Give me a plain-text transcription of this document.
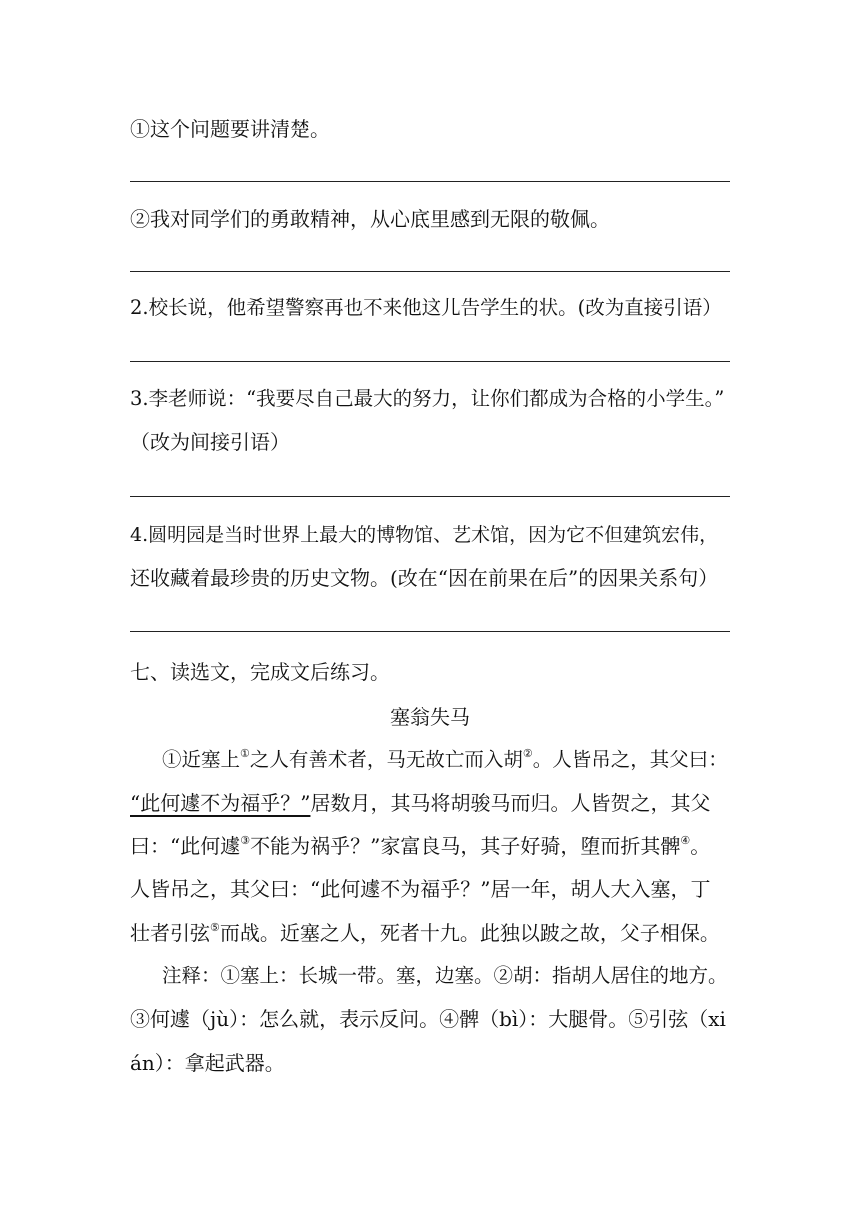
①这个问题要讲清楚。
②我对同学们的勇敢精神，从心底里感到无限的敬佩。
2.校长说，他希望警察再也不来他这儿告学生的状。(改为直接引语）
3.李老师说：“我要尽自己最大的努力，让你们都成为合格的小学生。”
（改为间接引语）
4.圆明园是当时世界上最大的博物馆、艺术馆，因为它不但建筑宏伟，
还收藏着最珍贵的历史文物。(改在“因在前果在后”的因果关系句）
七、读选文，完成文后练习。
塞翁失马
①近塞上①之人有善术者，马无故亡而入胡②。人皆吊之，其父曰：
“此何遽不为福乎？”居数月，其马将胡骏马而归。人皆贺之，其父
曰：“此何遽③不能为祸乎？”家富良马，其子好骑，堕而折其髀④。
人皆吊之，其父曰：“此何遽不为福乎？”居一年，胡人大入塞，丁
壮者引弦⑤而战。近塞之人，死者十九。此独以跛之故，父子相保。
注释：①塞上：长城一带。塞，边塞。②胡：指胡人居住的地方。
③何遽（jù）：怎么就，表示反问。④髀（bì）：大腿骨。⑤引弦（xi
án）：拿起武器。
